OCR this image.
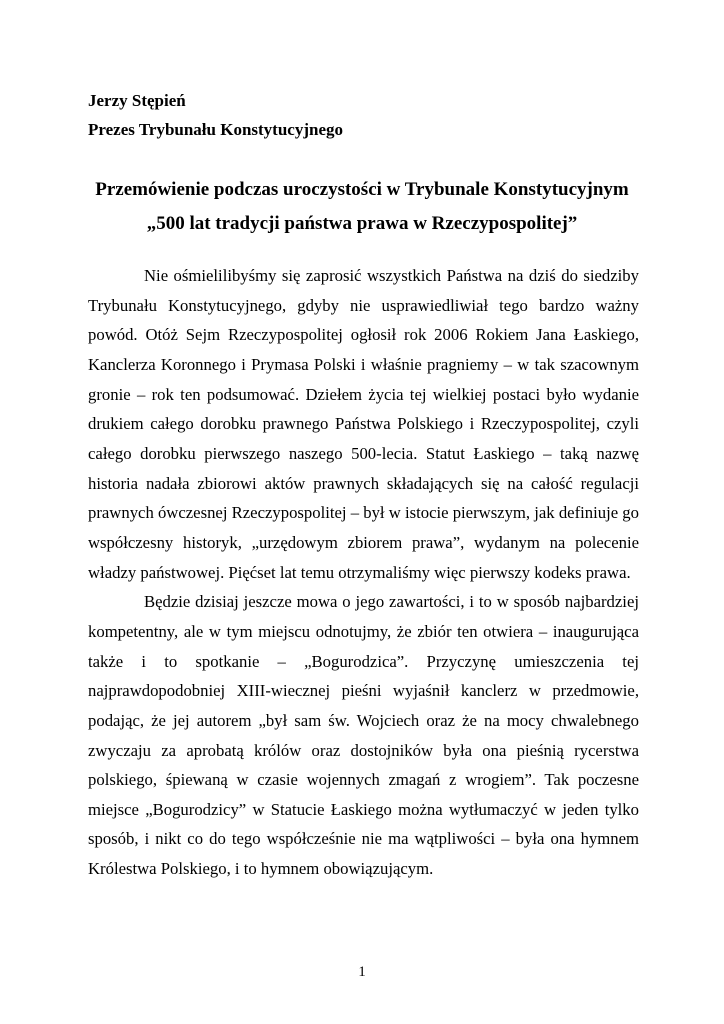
Jerzy Stępień
Prezes Trybunału Konstytucyjnego
Przemówienie podczas uroczystości w Trybunale Konstytucyjnym
„500 lat tradycji państwa prawa w Rzeczypospolitej”

Nie ośmielilibyśmy się zaprosić wszystkich Państwa na dziś do siedziby Trybunału Konstytucyjnego, gdyby nie usprawiedliwiał tego bardzo ważny powód. Otóż Sejm Rzeczypospolitej ogłosił rok 2006 Rokiem Jana Łaskiego, Kanclerza Koronnego i Prymasa Polski i właśnie pragniemy – w tak szacownym gronie – rok ten podsumować. Dziełem życia tej wielkiej postaci było wydanie drukiem całego dorobku prawnego Państwa Polskiego i Rzeczypospolitej, czyli całego dorobku pierwszego naszego 500-lecia. Statut Łaskiego – taką nazwę historia nadała zbiorowi aktów prawnych składających się na całość regulacji prawnych ówczesnej Rzeczypospolitej – był w istocie pierwszym, jak definiuje go współczesny historyk, „urzędowym zbiorem prawa”, wydanym na polecenie władzy państwowej. Pięćset lat temu otrzymaliśmy więc pierwszy kodeks prawa.

Będzie dzisiaj jeszcze mowa o jego zawartości, i to w sposób najbardziej kompetentny, ale w tym miejscu odnotujmy, że zbiór ten otwiera – inaugurująca także i to spotkanie – „Bogurodzica”. Przyczynę umieszczenia tej najprawdopodobniej XIII-wiecznej pieśni wyjaśnił kanclerz w przedmowie, podając, że jej autorem „był sam św. Wojciech oraz że na mocy chwalebnego zwyczaju za aprobatą królów oraz dostojników była ona pieśnią rycerstwa polskiego, śpiewaną w czasie wojennych zmagań z wrogiem”. Tak poczesne miejsce „Bogurodzicy” w Statucie Łaskiego można wytłumaczyć w jeden tylko sposób, i nikt co do tego współcześnie nie ma wątpliwości – była ona hymnem Królestwa Polskiego, i to hymnem obowiązującym.

1
